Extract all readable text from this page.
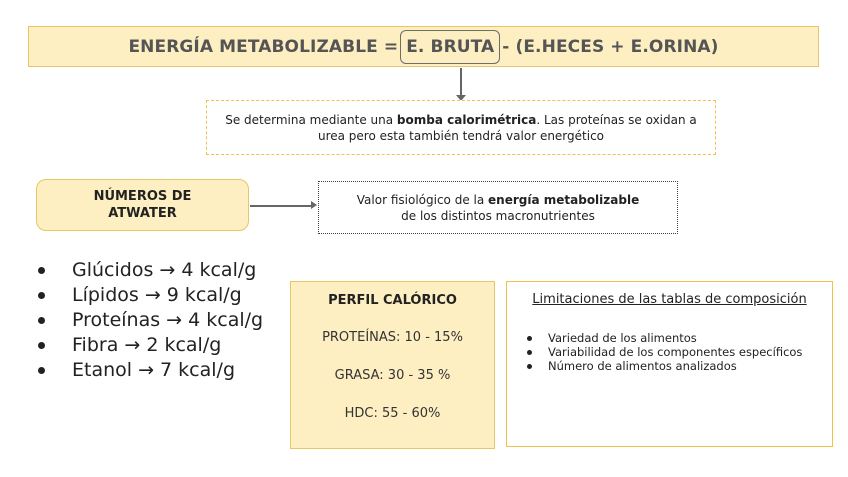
ENERGÍA METABOLIZABLE = E. BRUTA - (E.HECES + E.ORINA)

Se determina mediante una bomba calorimétrica. Las proteínas se oxidan a urea pero esta también tendrá valor energético

NÚMEROS DE ATWATER

Valor fisiológico de la energía metabolizable
de los distintos macronutrientes

Glúcidos → 4 kcal/g
Lípidos → 9 kcal/g
Proteínas → 4 kcal/g
Fibra → 2 kcal/g
Etanol → 7 kcal/g
PERFIL CALÓRICO
PROTEÍNAS: 10 - 15%
GRASA: 30 - 35 %
HDC: 55 - 60%
Limitaciones de las tablas de composición
Variedad de los alimentos
Variabilidad de los componentes específicos
Número de alimentos analizados
